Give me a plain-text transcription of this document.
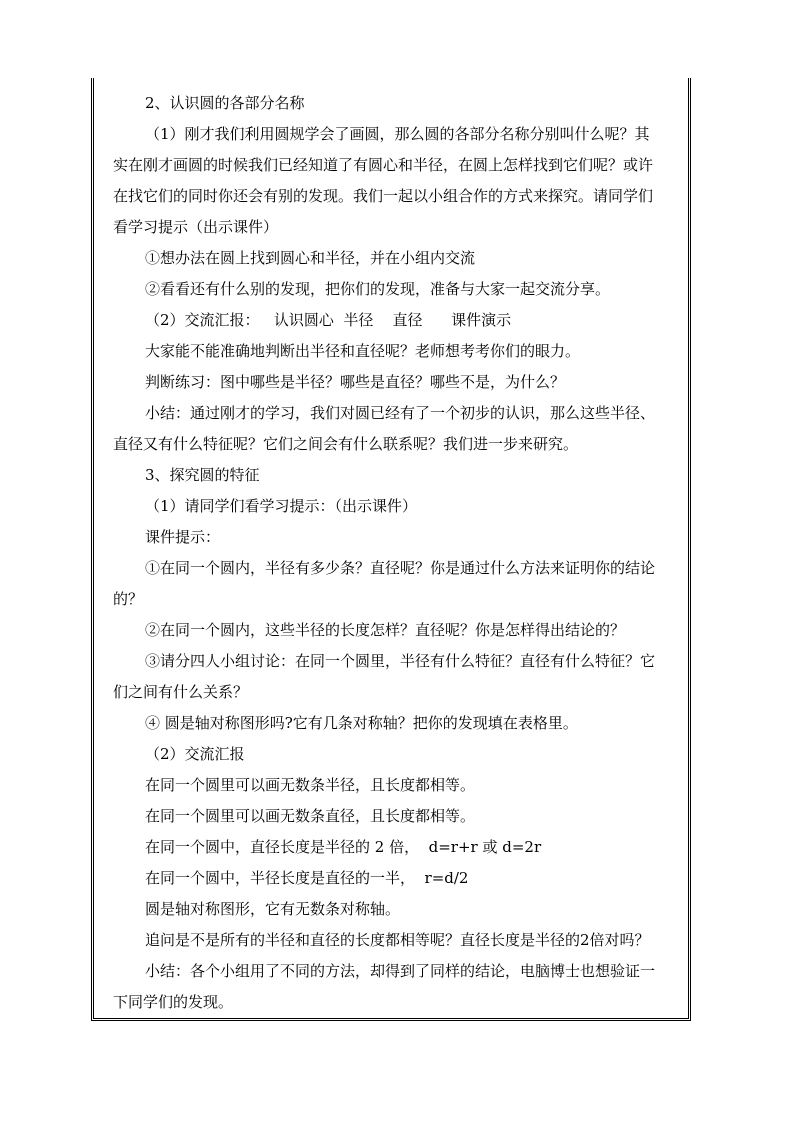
2、认识圆的各部分名称
（1）刚才我们利用圆规学会了画圆，那么圆的各部分名称分别叫什么呢？其
实在刚才画圆的时候我们已经知道了有圆心和半径，在圆上怎样找到它们呢？或许
在找它们的同时你还会有别的发现。我们一起以小组合作的方式来探究。请同学们
看学习提示（出示课件）
①想办法在圆上找到圆心和半径，并在小组内交流
②看看还有什么别的发现，把你们的发现，准备与大家一起交流分享。
（2）交流汇报：   认识圆心  半径    直径      课件演示
大家能不能准确地判断出半径和直径呢？老师想考考你们的眼力。
判断练习：图中哪些是半径？哪些是直径？哪些不是，为什么？
小结：通过刚才的学习，我们对圆已经有了一个初步的认识，那么这些半径、
直径又有什么特征呢？它们之间会有什么联系呢？我们进一步来研究。
3、探究圆的特征
（1）请同学们看学习提示：（出示课件）
课件提示：
①在同一个圆内，半径有多少条？直径呢？你是通过什么方法来证明你的结论
的？
②在同一个圆内，这些半径的长度怎样？直径呢？你是怎样得出结论的？
③请分四人小组讨论：在同一个圆里，半径有什么特征？直径有什么特征？它
们之间有什么关系？
④ 圆是轴对称图形吗?它有几条对称轴？把你的发现填在表格里。
（2）交流汇报
在同一个圆里可以画无数条半径，且长度都相等。
在同一个圆里可以画无数条直径，且长度都相等。
在同一个圆中，直径长度是半径的 2 倍，  d=r+r 或 d=2r
在同一个圆中，半径长度是直径的一半，  r=d/2
圆是轴对称图形，它有无数条对称轴。
追问是不是所有的半径和直径的长度都相等呢？直径长度是半径的2倍对吗？
小结：各个小组用了不同的方法，却得到了同样的结论，电脑博士也想验证一
下同学们的发现。
